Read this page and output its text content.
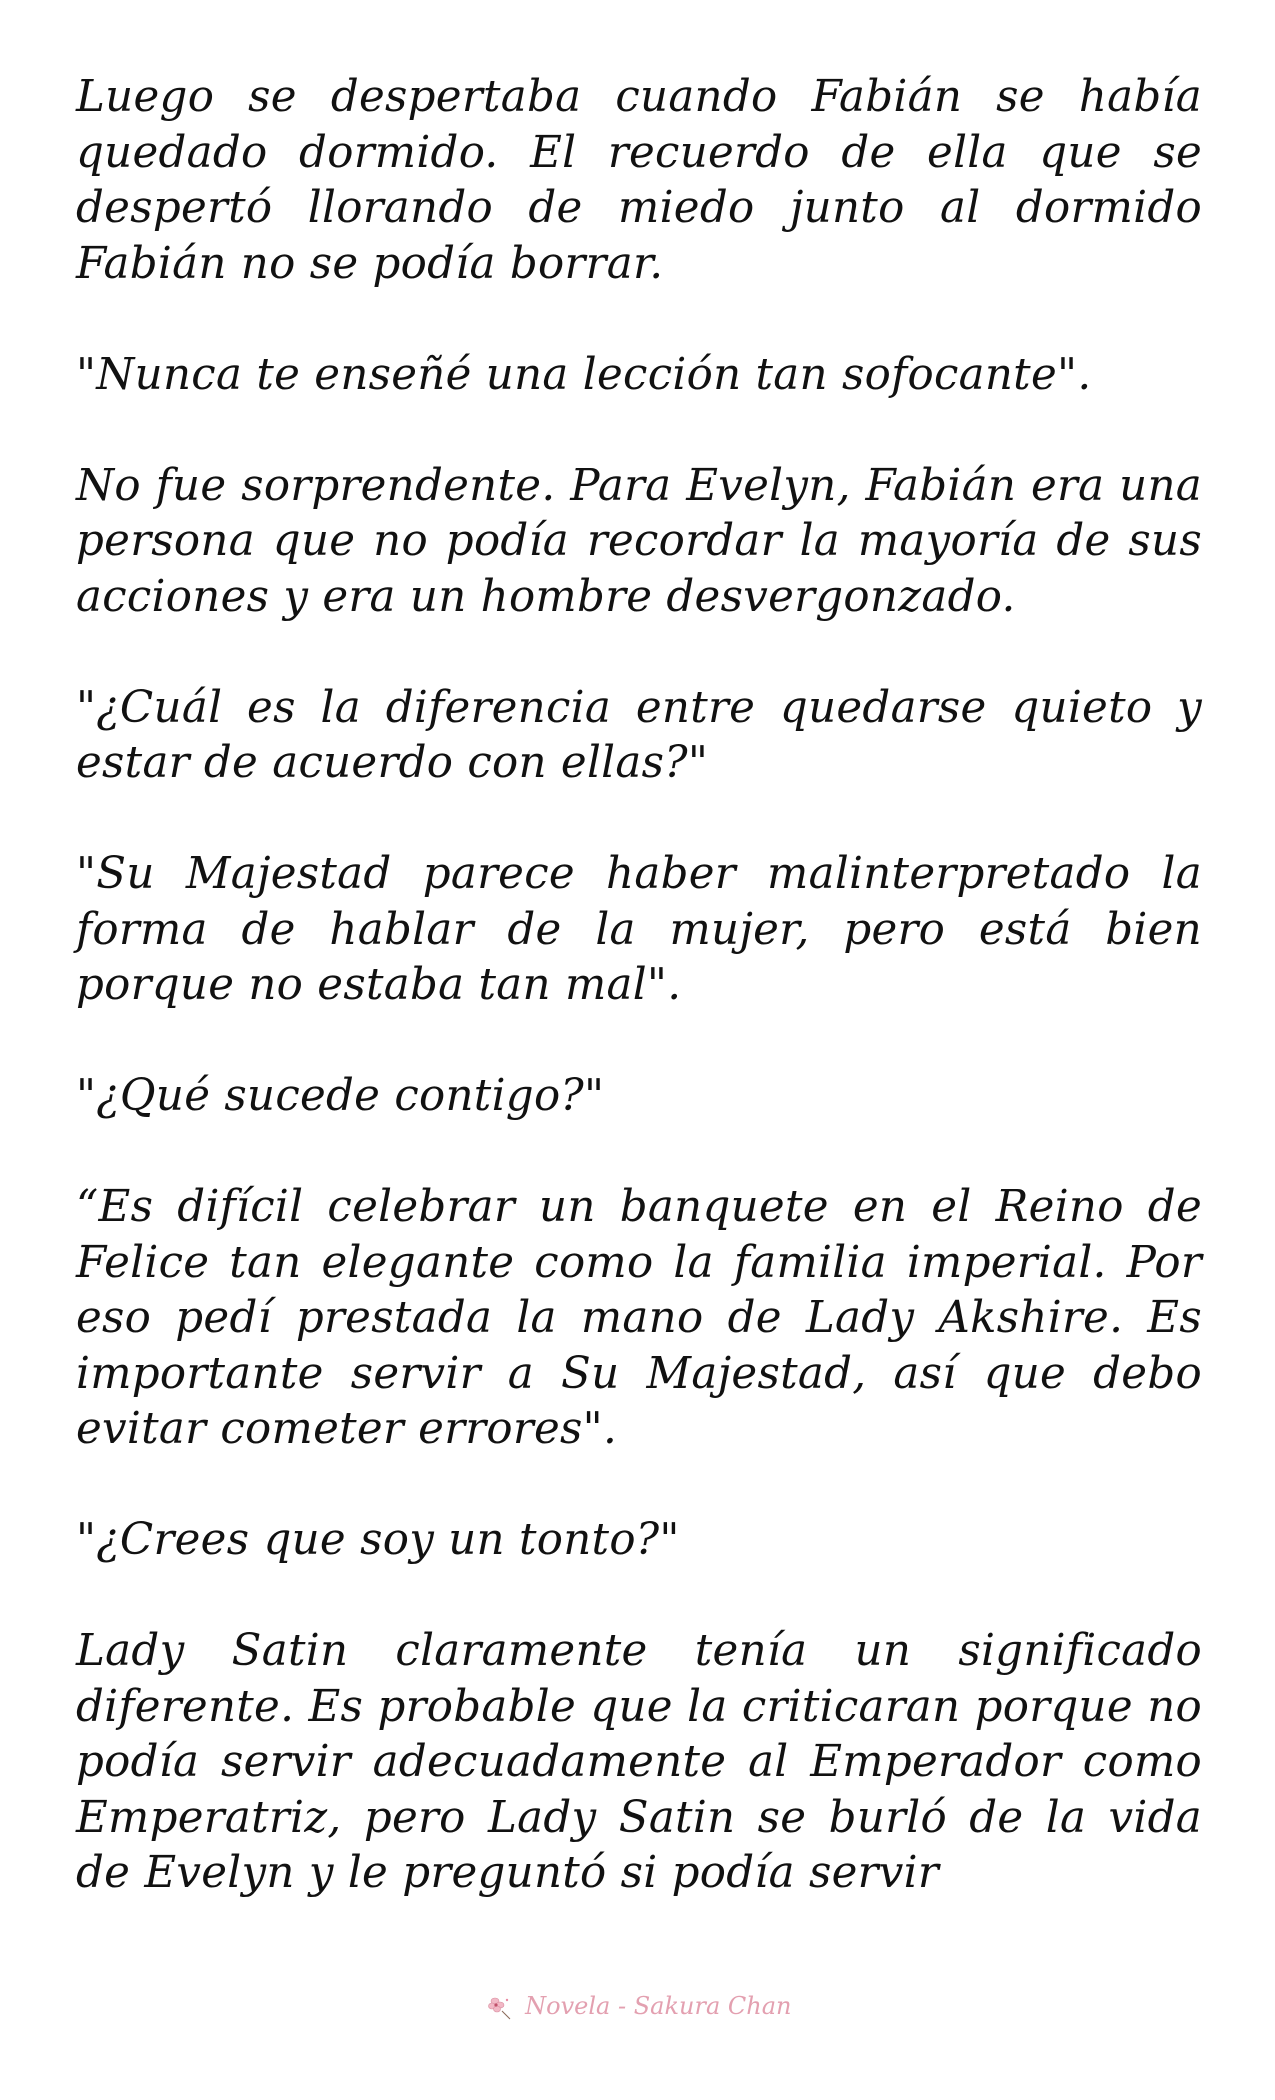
Luego se despertaba cuando Fabián se había quedado dormido. El recuerdo de ella que se despertó llorando de miedo junto al dormido Fabián no se podía borrar.

"Nunca te enseñé una lección tan sofocante".

No fue sorprendente. Para Evelyn, Fabián era una persona que no podía recordar la mayoría de sus acciones y era un hombre desvergonzado.

"¿Cuál es la diferencia entre quedarse quieto y estar de acuerdo con ellas?"

"Su Majestad parece haber malinterpretado la forma de hablar de la mujer, pero está bien porque no estaba tan mal".

"¿Qué sucede contigo?"

“Es difícil celebrar un banquete en el Reino de Felice tan elegante como la familia imperial. Por eso pedí prestada la mano de Lady Akshire. Es importante servir a Su Majestad, así que debo evitar cometer errores".

"¿Crees que soy un tonto?"

Lady Satin claramente tenía un significado diferente. Es probable que la criticaran porque no podía servir adecuadamente al Emperador como Emperatriz, pero Lady Satin se burló de la vida de Evelyn y le preguntó si podía servir

Novela - Sakura Chan
